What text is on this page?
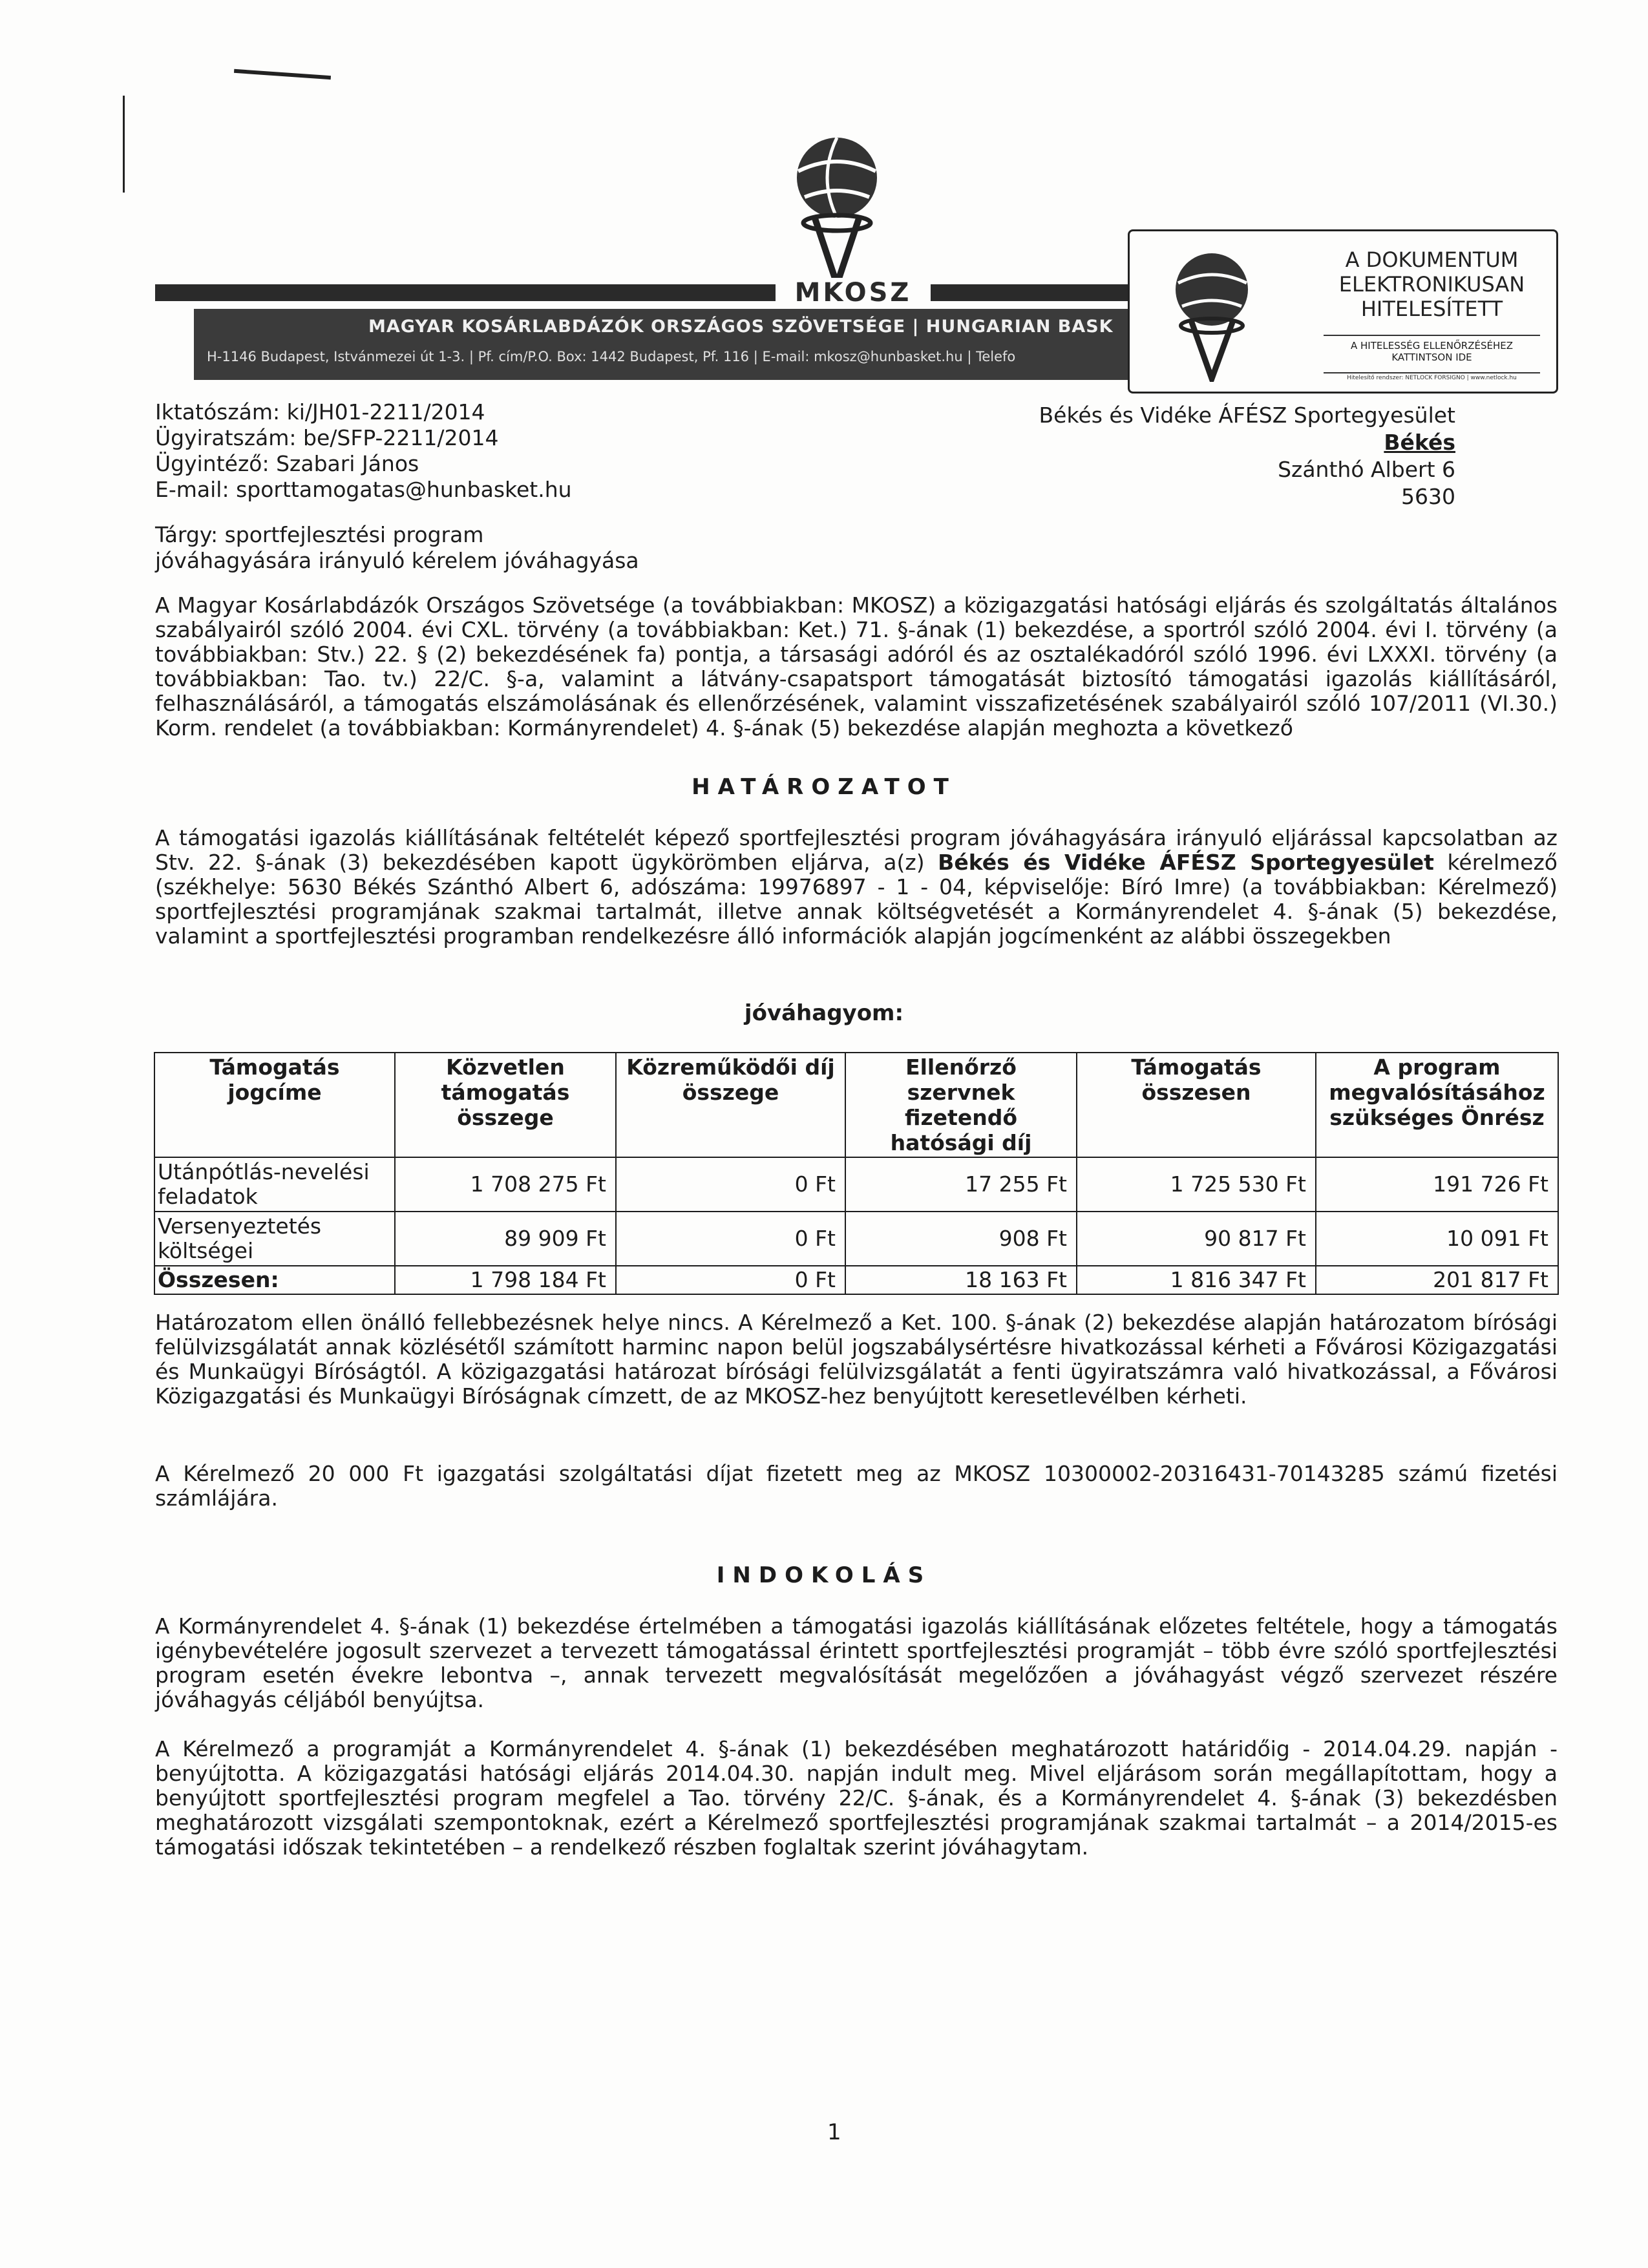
MKOSZ
MAGYAR KOSÁRLABDÁZÓK ORSZÁGOS SZÖVETSÉGE | HUNGARIAN BASK
H-1146 Budapest, Istvánmezei út 1-3. | Pf. cím/P.O. Box: 1442 Budapest, Pf. 116 | E-mail: mkosz@hunbasket.hu | Telefo
A DOKUMENTUM
ELEKTRONIKUSAN
HITELESÍTETT
A HITELESSÉG ELLENŐRZÉSÉHEZ
KATTINTSON IDE
Hitelesítő rendszer: NETLOCK FORSIGNO | www.netlock.hu
Iktatószám: ki/JH01-2211/2014
Ügyiratszám: be/SFP-2211/2014
Ügyintéző: Szabari János
E-mail: sporttamogatas@hunbasket.hu
Békés és Vidéke ÁFÉSZ Sportegyesület
Békés
Szánthó Albert 6
5630
Tárgy: sportfejlesztési program
jóváhagyására irányuló kérelem jóváhagyása
A Magyar Kosárlabdázók Országos Szövetsége (a továbbiakban: MKOSZ) a közigazgatási hatósági eljárás és szolgáltatás általános szabályairól szóló 2004. évi CXL. törvény (a továbbiakban: Ket.) 71. §-ának (1) bekezdése, a sportról szóló 2004. évi I. törvény (a továbbiakban: Stv.) 22. § (2) bekezdésének fa) pontja, a társasági adóról és az osztalékadóról szóló 1996. évi LXXXI. törvény (a továbbiakban: Tao. tv.) 22/C. §-a, valamint a látvány-csapatsport támogatását biztosító támogatási igazolás kiállításáról, felhasználásáról, a támogatás elszámolásának és ellenőrzésének, valamint visszafizetésének szabályairól szóló 107/2011 (VI.30.) Korm. rendelet (a továbbiakban: Kormányrendelet) 4. §-ának (5) bekezdése alapján meghozta a következő
HATÁROZATOT
A támogatási igazolás kiállításának feltételét képező sportfejlesztési program jóváhagyására irányuló eljárással kapcsolatban az Stv. 22. §-ának (3) bekezdésében kapott ügykörömben eljárva, a(z) Békés és Vidéke ÁFÉSZ Sportegyesület kérelmező (székhelye: 5630 Békés Szánthó Albert 6, adószáma: 19976897 - 1 - 04, képviselője: Bíró Imre) (a továbbiakban: Kérelmező) sportfejlesztési programjának szakmai tartalmát, illetve annak költségvetését a Kormányrendelet 4. §-ának (5) bekezdése, valamint a sportfejlesztési programban rendelkezésre álló információk alapján jogcímenként az alábbi összegekben
jóváhagyom:
Támogatás jogcíme	Közvetlen támogatás összege	Közreműködői díj összege	Ellenőrző szervnek fizetendő hatósági díj	Támogatás összesen	A program megvalósításához szükséges Önrész
Utánpótlás-nevelési feladatok	1 708 275 Ft	0 Ft	17 255 Ft	1 725 530 Ft	191 726 Ft
Versenyeztetés költségei	89 909 Ft	0 Ft	908 Ft	90 817 Ft	10 091 Ft
Összesen:	1 798 184 Ft	0 Ft	18 163 Ft	1 816 347 Ft	201 817 Ft
Határozatom ellen önálló fellebbezésnek helye nincs. A Kérelmező a Ket. 100. §-ának (2) bekezdése alapján határozatom bírósági felülvizsgálatát annak közlésétől számított harminc napon belül jogszabálysértésre hivatkozással kérheti a Fővárosi Közigazgatási és Munkaügyi Bíróságtól. A közigazgatási határozat bírósági felülvizsgálatát a fenti ügyiratszámra való hivatkozással, a Fővárosi Közigazgatási és Munkaügyi Bíróságnak címzett, de az MKOSZ-hez benyújtott keresetlevélben kérheti.
A Kérelmező 20 000 Ft igazgatási szolgáltatási díjat fizetett meg az MKOSZ 10300002-20316431-70143285 számú fizetési számlájára.
INDOKOLÁS
A Kormányrendelet 4. §-ának (1) bekezdése értelmében a támogatási igazolás kiállításának előzetes feltétele, hogy a támogatás igénybevételére jogosult szervezet a tervezett támogatással érintett sportfejlesztési programját – több évre szóló sportfejlesztési program esetén évekre lebontva –, annak tervezett megvalósítását megelőzően a jóváhagyást végző szervezet részére jóváhagyás céljából benyújtsa.
A Kérelmező a programját a Kormányrendelet 4. §-ának (1) bekezdésében meghatározott határidőig - 2014.04.29. napján - benyújtotta. A közigazgatási hatósági eljárás 2014.04.30. napján indult meg. Mivel eljárásom során megállapítottam, hogy a benyújtott sportfejlesztési program megfelel a Tao. törvény 22/C. §-ának, és a Kormányrendelet 4. §-ának (3) bekezdésben meghatározott vizsgálati szempontoknak, ezért a Kérelmező sportfejlesztési programjának szakmai tartalmát – a 2014/2015-es támogatási időszak tekintetében – a rendelkező részben foglaltak szerint jóváhagytam.
1
